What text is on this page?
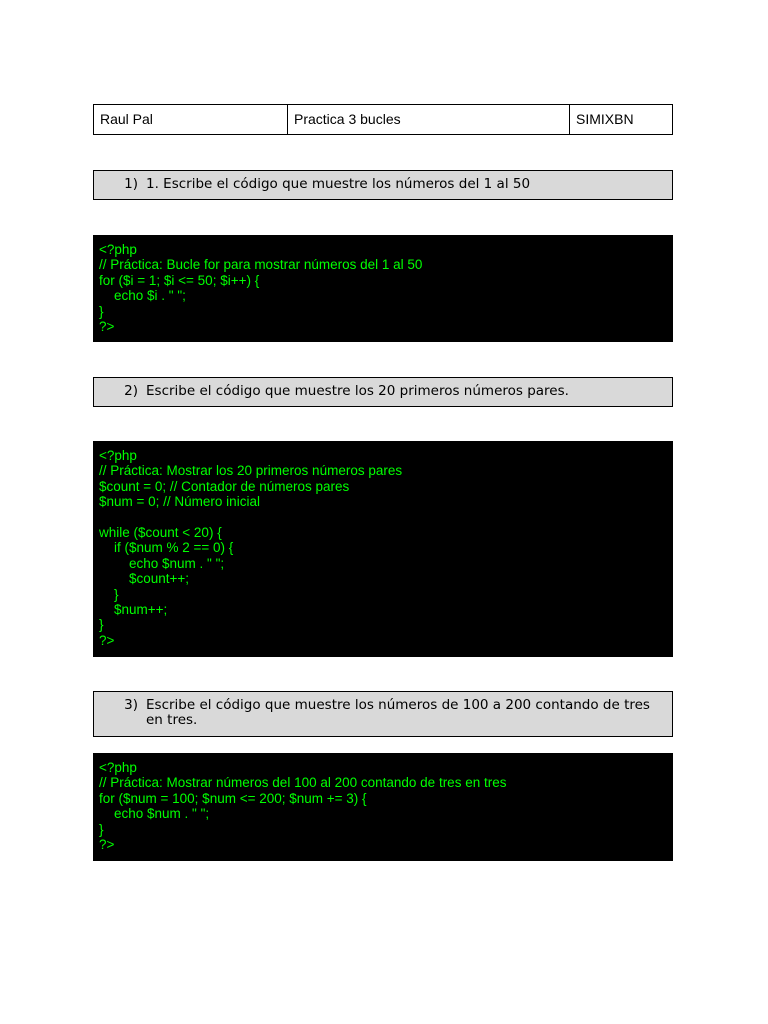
Raul Pal	Practica 3 bucles	SIMIXBN
1) 1. Escribe el código que muestre los números del 1 al 50
<?php
// Práctica: Bucle for para mostrar números del 1 al 50
for ($i = 1; $i <= 50; $i++) {
echo $i . " ";
}
?>
2) Escribe el código que muestre los 20 primeros números pares.
<?php
// Práctica: Mostrar los 20 primeros números pares
$count = 0; // Contador de números pares
$num = 0; // Número inicial
while ($count < 20) {
if ($num % 2 == 0) {
echo $num . " ";
$count++;
}
$num++;
}
?>
3) Escribe el código que muestre los números de 100 a 200 contando de tres en tres.
<?php
// Práctica: Mostrar números del 100 al 200 contando de tres en tres
for ($num = 100; $num <= 200; $num += 3) {
echo $num . " ";
}
?>
